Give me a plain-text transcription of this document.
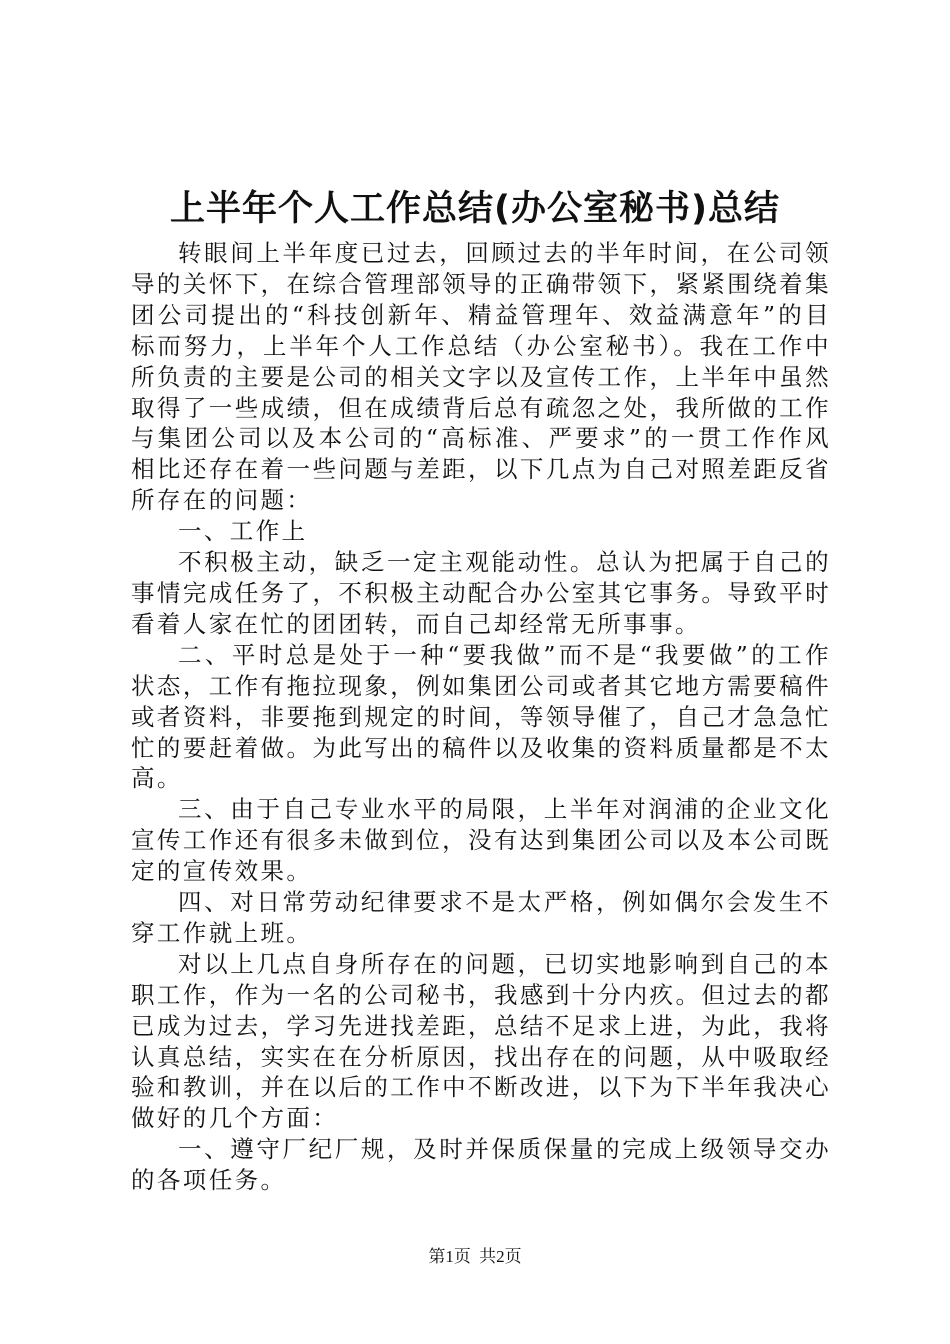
上半年个人工作总结(办公室秘书)总结

转眼间上半年度已过去，回顾过去的半年时间，在公司领导的关怀下，在综合管理部领导的正确带领下，紧紧围绕着集团公司提出的“科技创新年、精益管理年、效益满意年”的目标而努力，上半年个人工作总结（办公室秘书）。我在工作中所负责的主要是公司的相关文字以及宣传工作，上半年中虽然取得了一些成绩，但在成绩背后总有疏忽之处，我所做的工作与集团公司以及本公司的“高标准、严要求”的一贯工作作风相比还存在着一些问题与差距，以下几点为自己对照差距反省所存在的问题：

一、工作上

不积极主动，缺乏一定主观能动性。总认为把属于自己的事情完成任务了，不积极主动配合办公室其它事务。导致平时看着人家在忙的团团转，而自己却经常无所事事。

二、平时总是处于一种“要我做”而不是“我要做”的工作状态，工作有拖拉现象，例如集团公司或者其它地方需要稿件或者资料，非要拖到规定的时间，等领导催了，自己才急急忙忙的要赶着做。为此写出的稿件以及收集的资料质量都是不太高。

三、由于自己专业水平的局限，上半年对润浦的企业文化宣传工作还有很多未做到位，没有达到集团公司以及本公司既定的宣传效果。

四、对日常劳动纪律要求不是太严格，例如偶尔会发生不穿工作就上班。

对以上几点自身所存在的问题，已切实地影响到自己的本职工作，作为一名的公司秘书，我感到十分内疚。但过去的都已成为过去，学习先进找差距，总结不足求上进，为此，我将认真总结，实实在在分析原因，找出存在的问题，从中吸取经验和教训，并在以后的工作中不断改进，以下为下半年我决心做好的几个方面：

一、遵守厂纪厂规，及时并保质保量的完成上级领导交办的各项任务。

第1页 共2页
